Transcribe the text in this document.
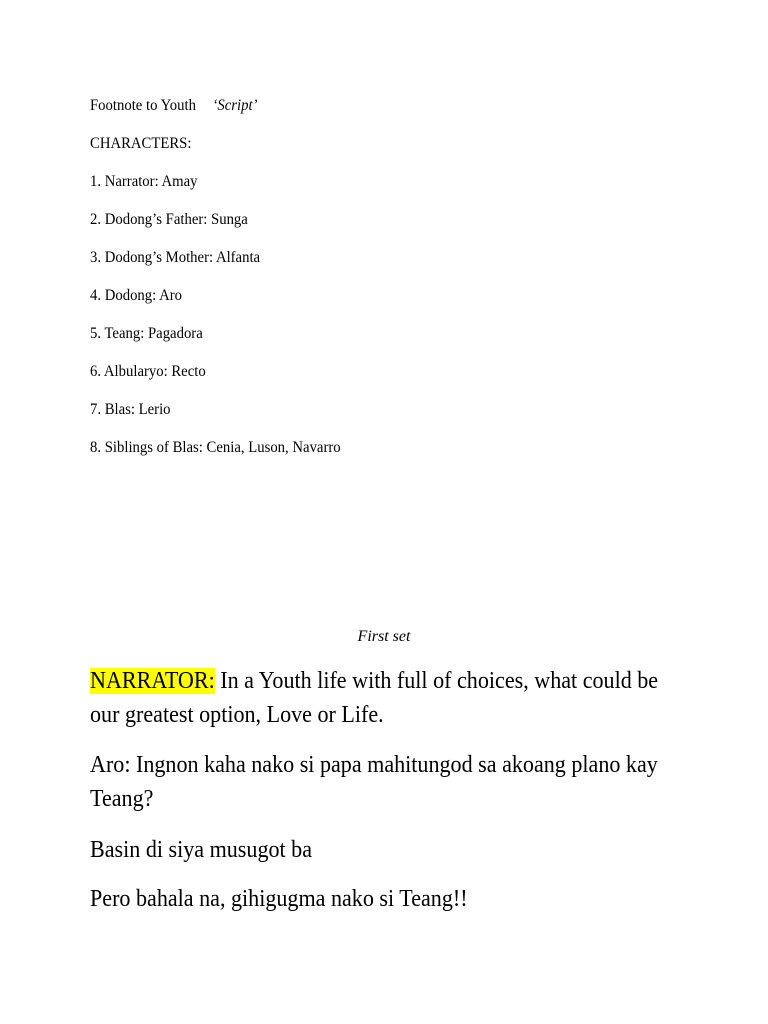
Footnote to Youth ‘Script’
CHARACTERS:
1. Narrator: Amay
2. Dodong’s Father: Sunga
3. Dodong’s Mother: Alfanta
4. Dodong: Aro
5. Teang: Pagadora
6. Albularyo: Recto
7. Blas: Lerio
8. Siblings of Blas: Cenia, Luson, Navarro
First set
NARRATOR: In a Youth life with full of choices, what could be our greatest option, Love or Life.
Aro: Ingnon kaha nako si papa mahitungod sa akoang plano kay Teang?
Basin di siya musugot ba
Pero bahala na, gihigugma nako si Teang!!
